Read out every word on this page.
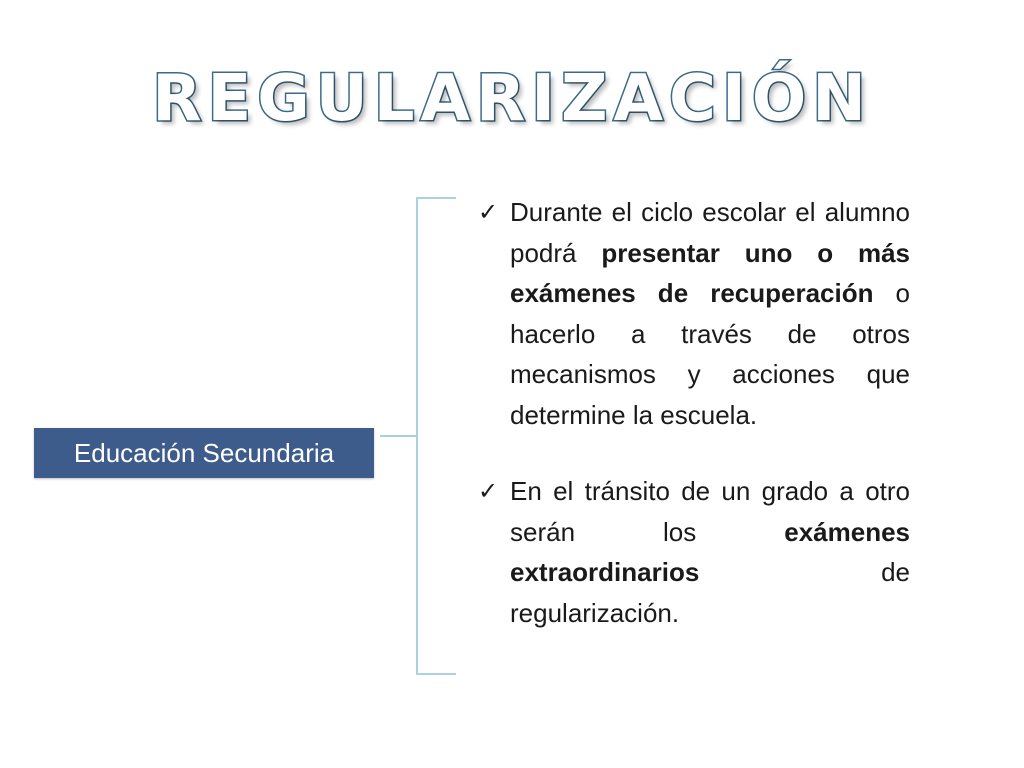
REGULARIZACIÓN
Educación Secundaria
✓ Durante el ciclo escolar el alumno podrá presentar uno o más exámenes de recuperación o hacerlo a través de otros mecanismos y acciones que determine la escuela.
✓ En el tránsito de un grado a otro serán los exámenes extraordinarios de regularización.
